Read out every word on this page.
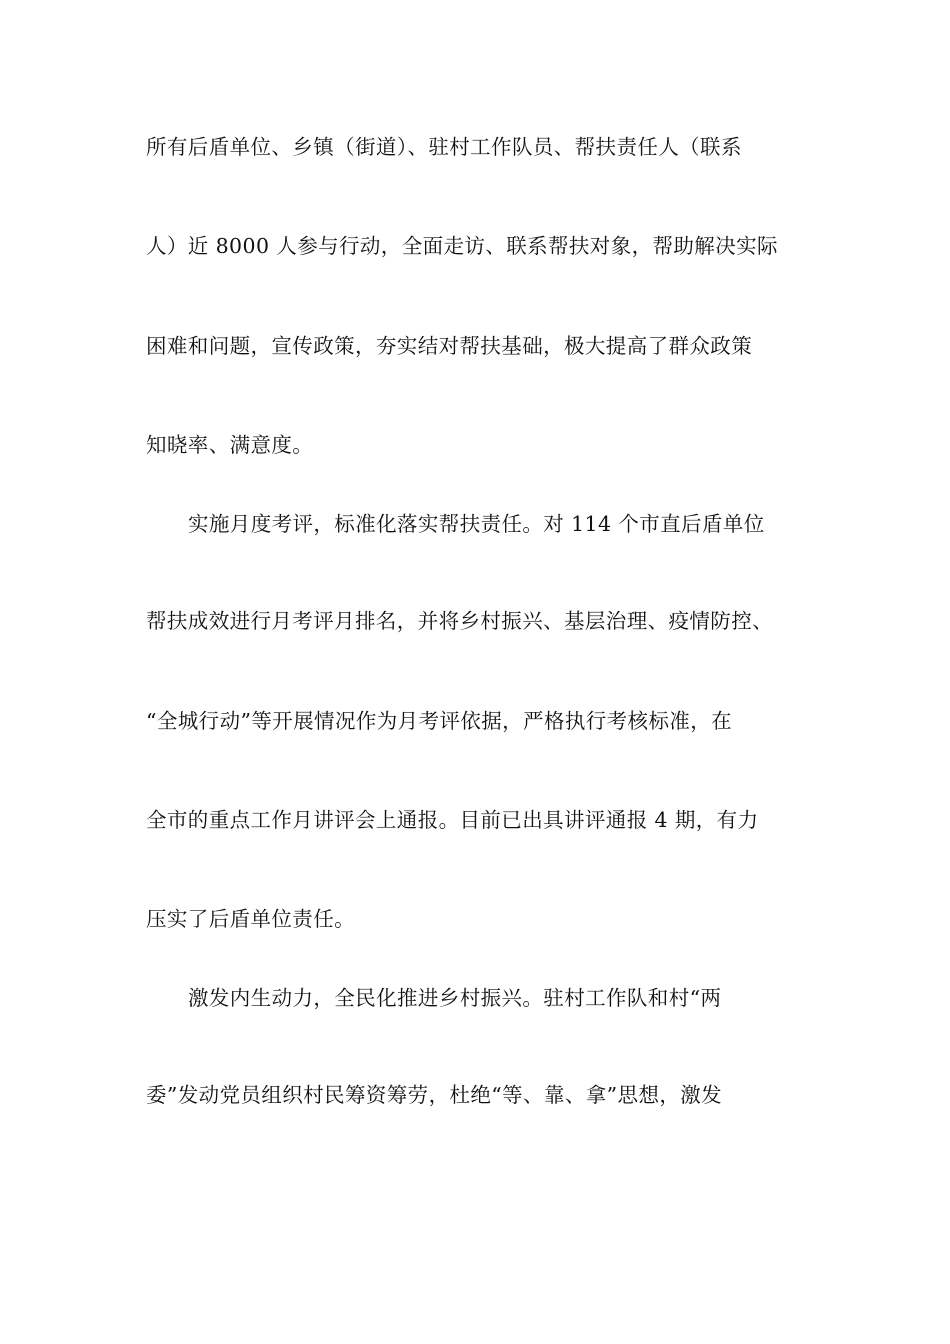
所有后盾单位、乡镇（街道）、驻村工作队员、帮扶责任人（联系
人）近 8000 人参与行动，全面走访、联系帮扶对象，帮助解决实际
困难和问题，宣传政策，夯实结对帮扶基础，极大提高了群众政策
知晓率、满意度。
实施月度考评，标准化落实帮扶责任。对 114 个市直后盾单位
帮扶成效进行月考评月排名，并将乡村振兴、基层治理、疫情防控、
“全城行动”等开展情况作为月考评依据，严格执行考核标准，在
全市的重点工作月讲评会上通报。目前已出具讲评通报 4 期，有力
压实了后盾单位责任。
激发内生动力，全民化推进乡村振兴。驻村工作队和村“两
委”发动党员组织村民筹资筹劳，杜绝“等、靠、拿”思想，激发
